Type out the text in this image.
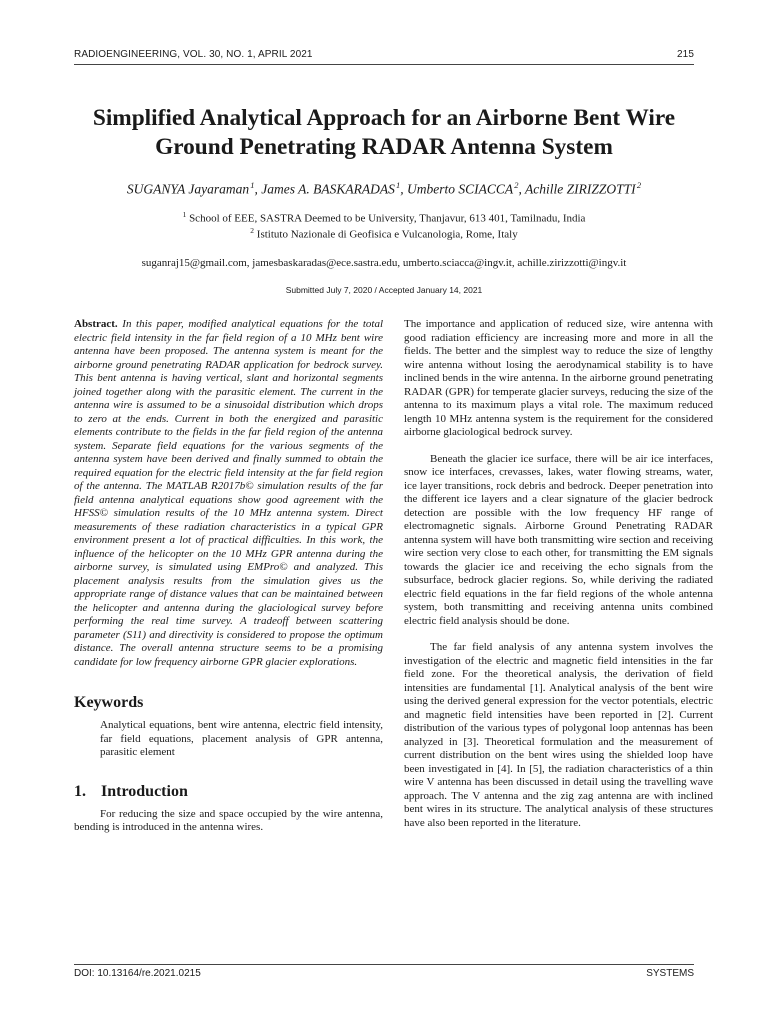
RADIOENGINEERING, VOL. 30, NO. 1, APRIL 2021	215
Simplified Analytical Approach for an Airborne Bent Wire Ground Penetrating RADAR Antenna System
SUGANYA Jayaraman $^1$, James A. BASKARADAS $^1$, Umberto SCIACCA $^2$, Achille ZIRIZZOTTI $^2$
$^1$ School of EEE, SASTRA Deemed to be University, Thanjavur, 613 401, Tamilnadu, India
$^2$ Istituto Nazionale di Geofisica e Vulcanologia, Rome, Italy
suganraj15@gmail.com, jamesbaskaradas@ece.sastra.edu, umberto.sciacca@ingv.it, achille.zirizzotti@ingv.it
Submitted July 7, 2020 / Accepted January 14, 2021

Abstract. In this paper, modified analytical equations for the total electric field intensity in the far field region of a 10 MHz bent wire antenna have been proposed. The antenna system is meant for the airborne ground penetrating RADAR application for bedrock survey. This bent antenna is having vertical, slant and horizontal segments joined together along with the parasitic element. The current in the antenna wire is assumed to be a sinusoidal distribution which drops to zero at the ends. Current in both the energized and parasitic elements contribute to the fields in the far field region of the antenna system. Separate field equations for the various segments of the antenna system have been derived and finally summed to obtain the required equation for the electric field intensity at the far field region of the antenna. The MATLAB R2017b© simulation results of the far field antenna analytical equations show good agreement with the HFSS© simulation results of the 10 MHz antenna system. Direct measurements of these radiation characteristics in a typical GPR environment present a lot of practical difficulties. In this work, the influence of the helicopter on the 10 MHz GPR antenna during the airborne survey, is simulated using EMPro© and analyzed. This placement analysis results from the simulation gives us the appropriate range of distance values that can be maintained between the helicopter and antenna during the glaciological survey before performing the real time survey. A tradeoff between scattering parameter (S11) and directivity is considered to propose the optimum distance. The overall antenna structure seems to be a promising candidate for low frequency airborne GPR glacier explorations.

Keywords

Analytical equations, bent wire antenna, electric field intensity, far field equations, placement analysis of GPR antenna, parasitic element

1. Introduction

For reducing the size and space occupied by the wire antenna, bending is introduced in the antenna wires.

The importance and application of reduced size, wire antenna with good radiation efficiency are increasing more and more in all the fields. The better and the simplest way to reduce the size of lengthy wire antenna without losing the aerodynamical stability is to have inclined bends in the wire antenna. In the airborne ground penetrating RADAR (GPR) for temperate glacier surveys, reducing the size of the antenna to its maximum plays a vital role. The maximum reduced length 10 MHz antenna system is the requirement for the considered airborne glaciological bedrock survey.

Beneath the glacier ice surface, there will be air ice interfaces, snow ice interfaces, crevasses, lakes, water flowing streams, water, ice layer transitions, rock debris and bedrock. Deeper penetration into the different ice layers and a clear signature of the glacier bedrock detection are possible with the low frequency HF range of electromagnetic signals. Airborne Ground Penetrating RADAR antenna system will have both transmitting wire section and receiving wire section very close to each other, for transmitting the EM signals towards the glacier ice and receiving the echo signals from the subsurface, bedrock glacier regions. So, while deriving the radiated electric field equations in the far field regions of the whole antenna system, both transmitting and receiving antenna units combined electric field analysis should be done.

The far field analysis of any antenna system involves the investigation of the electric and magnetic field intensities in the far field zone. For the theoretical analysis, the derivation of field intensities are fundamental [1]. Analytical analysis of the bent wire using the derived general expression for the vector potentials, electric and magnetic field intensities have been reported in [2]. Current distribution of the various types of polygonal loop antennas has been analyzed in [3]. Theoretical formulation and the measurement of current distribution on the bent wires using the shielded loop have been investigated in [4]. In [5], the radiation characteristics of a thin wire V antenna has been discussed in detail using the travelling wave approach. The V antenna and the zig zag antenna are with inclined bent wires in its structure. The analytical analysis of these structures have also been reported in the literature.

DOI: 10.13164/re.2021.0215	SYSTEMS
